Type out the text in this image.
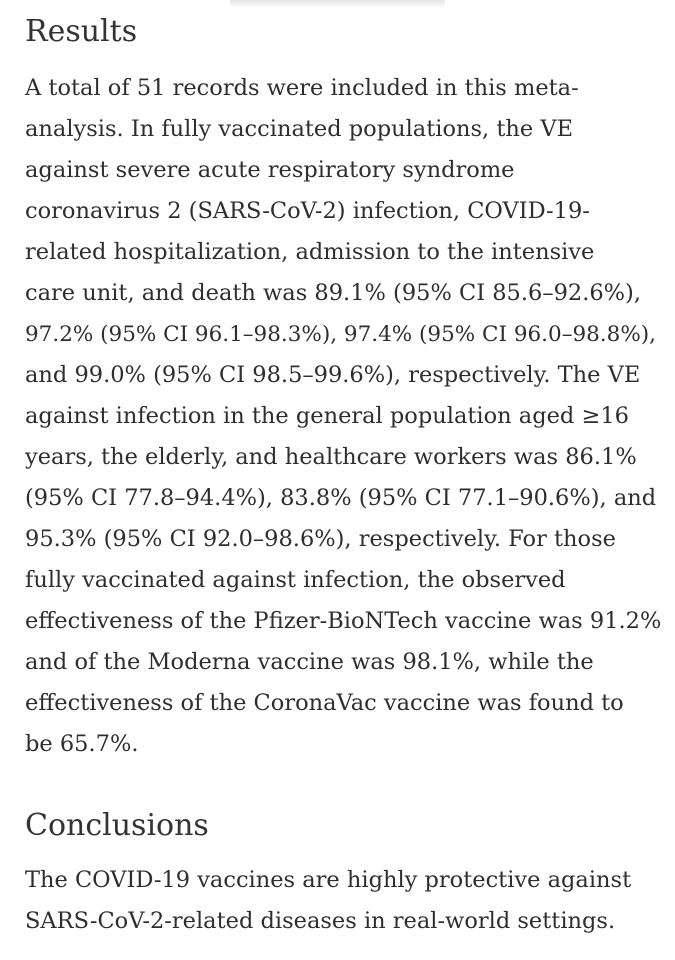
Results

A total of 51 records were included in this meta-
analysis. In fully vaccinated populations, the VE
against severe acute respiratory syndrome
coronavirus 2 (SARS-CoV-2) infection, COVID-19-
related hospitalization, admission to the intensive
care unit, and death was 89.1% (95% CI 85.6–92.6%),
97.2% (95% CI 96.1–98.3%), 97.4% (95% CI 96.0–98.8%),
and 99.0% (95% CI 98.5–99.6%), respectively. The VE
against infection in the general population aged ≥16
years, the elderly, and healthcare workers was 86.1%
(95% CI 77.8–94.4%), 83.8% (95% CI 77.1–90.6%), and
95.3% (95% CI 92.0–98.6%), respectively. For those
fully vaccinated against infection, the observed
effectiveness of the Pfizer-BioNTech vaccine was 91.2%
and of the Moderna vaccine was 98.1%, while the
effectiveness of the CoronaVac vaccine was found to
be 65.7%.

Conclusions

The COVID-19 vaccines are highly protective against
SARS-CoV-2-related diseases in real-world settings.
